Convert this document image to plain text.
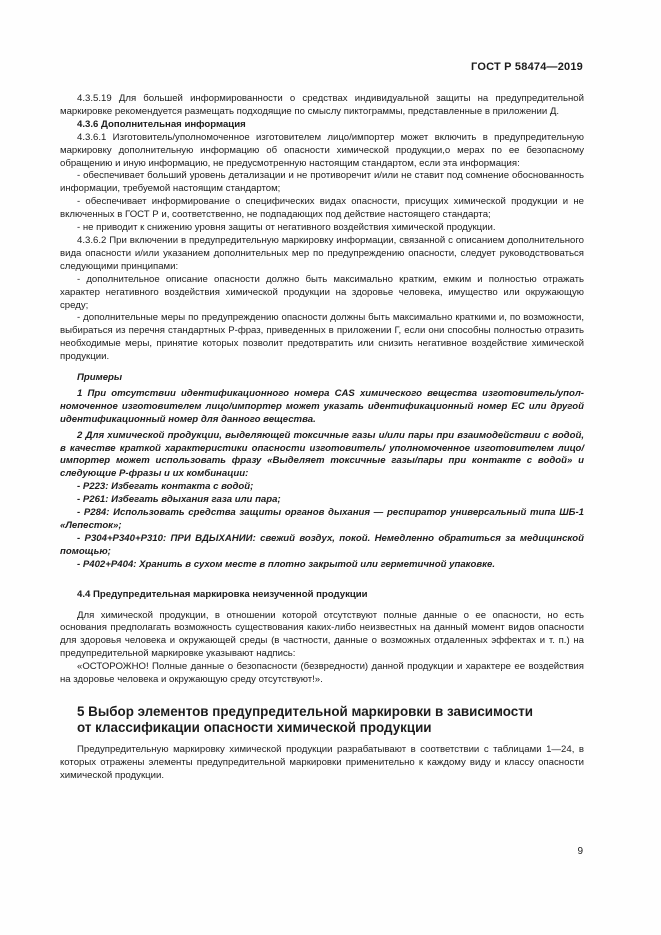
ГОСТ Р 58474—2019

4.3.5.19 Для большей информированности о средствах индивидуальной защиты на предупредительной маркировке рекомендуется размещать подходящие по смыслу пиктограммы, представленные в приложении Д.

4.3.6 Дополнительная информация

4.3.6.1 Изготовитель/уполномоченное изготовителем лицо/импортер может включить в предупредительную маркировку дополнительную информацию об опасности химической продукции,о мерах по ее безопасному обращению и иную информацию, не предусмотренную настоящим стандартом, если эта информация:

- обеспечивает больший уровень детализации и не противоречит и/или не ставит под сомнение обоснованность информации, требуемой настоящим стандартом;

- обеспечивает информирование о специфических видах опасности, присущих химической продукции и не включенных в ГОСТ Р и, соответственно, не подпадающих под действие настоящего стандарта;

- не приводит к снижению уровня защиты от негативного воздействия химической продукции.

4.3.6.2 При включении в предупредительную маркировку информации, связанной с описанием дополнительного вида опасности и/или указанием дополнительных мер по предупреждению опасности, следует руководствоваться следующими принципами:

- дополнительное описание опасности должно быть максимально кратким, емким и полностью отражать характер негативного воздействия химической продукции на здоровье человека, имущество или окружающую среду;

- дополнительные меры по предупреждению опасности должны быть максимально краткими и, по возможности, выбираться из перечня стандартных Р-фраз, приведенных в приложении Г, если они способны полностью отразить необходимые меры, принятие которых позволит предотвратить или снизить негативное воздействие химической продукции.

Примеры

1 При отсутствии идентификационного номера CAS химического вещества изготовитель/уполномоченное изготовителем лицо/импортер может указать идентификационный номер ЕС или другой идентификационный номер для данного вещества.

2 Для химической продукции, выделяющей токсичные газы и/или пары при взаимодействии с водой, в качестве краткой характеристики опасности изготовитель/ уполномоченное изготовителем лицо/импортер может использовать фразу «Выделяет токсичные газы/пары при контакте с водой» и следующие Р-фразы и их комбинации:

- Р223: Избегать контакта с водой;

- Р261: Избегать вдыхания газа или пара;

- Р284: Использовать средства защиты органов дыхания — респиратор универсальный типа ШБ-1 «Лепесток»;

- Р304+Р340+Р310: ПРИ ВДЫХАНИИ: свежий воздух, покой. Немедленно обратиться за медицинской помощью;

- Р402+Р404: Хранить в сухом месте в плотно закрытой или герметичной упаковке.

4.4 Предупредительная маркировка неизученной продукции

Для химической продукции, в отношении которой отсутствуют полные данные о ее опасности, но есть основания предполагать возможность существования каких-либо неизвестных на данный момент видов опасности для здоровья человека и окружающей среды (в частности, данные о возможных отдаленных эффектах и т. п.) на предупредительной маркировке указывают надпись:

«ОСТОРОЖНО! Полные данные о безопасности (безвредности) данной продукции и характере ее воздействия на здоровье человека и окружающую среду отсутствуют!».

5 Выбор элементов предупредительной маркировки в зависимости

от классификации опасности химической продукции

Предупредительную маркировку химической продукции разрабатывают в соответствии с таблицами 1—24, в которых отражены элементы предупредительной маркировки применительно к каждому виду и классу опасности химической продукции.

9
